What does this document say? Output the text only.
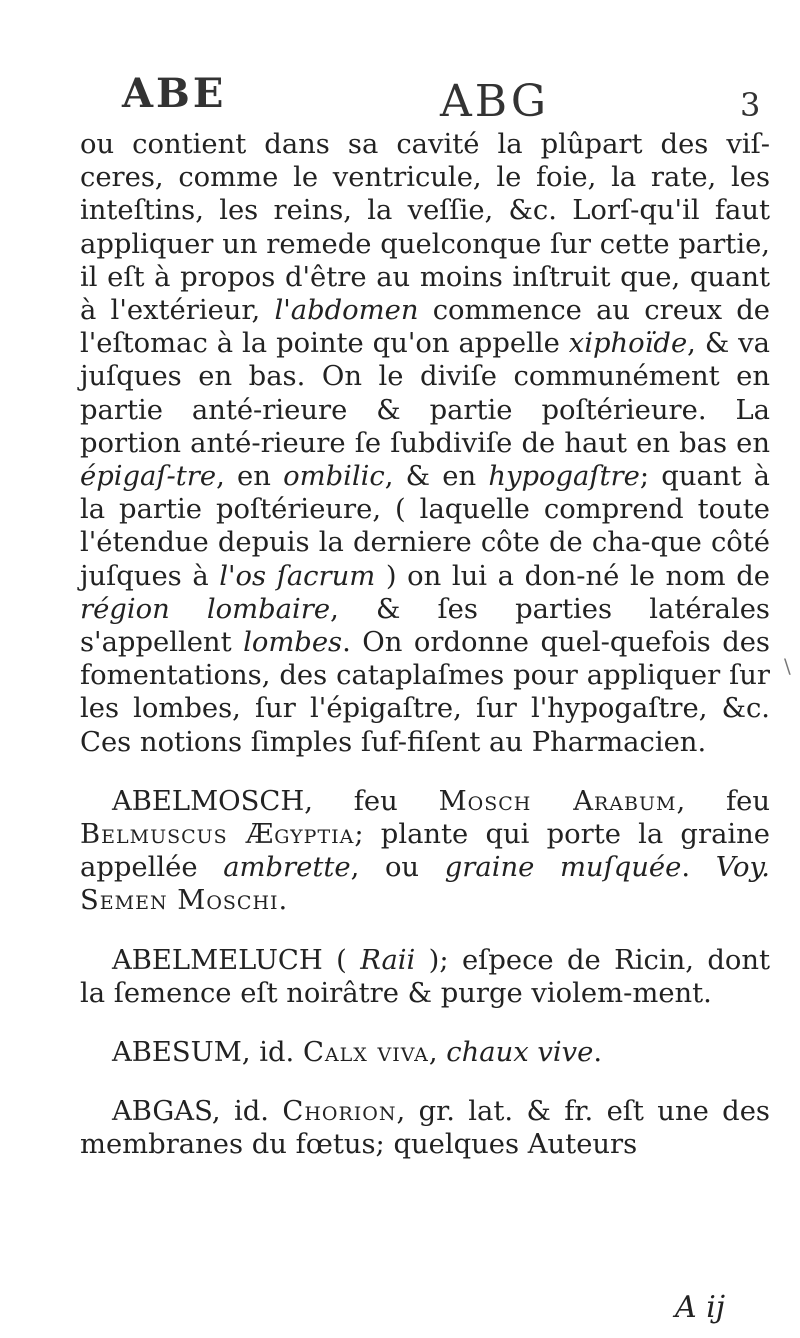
ABE	ABG	3

ou contient dans sa cavité la plûpart des viſ-ceres, comme le ventricule, le foie, la rate, les inteſtins, les reins, la veſſie, &c. Lorſ-qu'il faut appliquer un remede quelconque ſur cette partie, il eſt à propos d'être au moins inſtruit que, quant à l'extérieur, l'abdomen commence au creux de l'eſtomac à la pointe qu'on appelle xiphoïde, & va juſques en bas. On le diviſe communément en partie anté-rieure & partie poſtérieure. La portion anté-rieure ſe ſubdiviſe de haut en bas en épigaſ-tre, en ombilic, & en hypogaſtre; quant à la partie poſtérieure, ( laquelle comprend toute l'étendue depuis la derniere côte de cha-que côté juſques à l'os ſacrum ) on lui a don-né le nom de région lombaire, & ſes parties latérales s'appellent lombes. On ordonne quel-quefois des fomentations, des cataplaſmes pour appliquer ſur les lombes, ſur l'épigaſtre, ſur l'hypogaſtre, &c. Ces notions ſimples ſuf-fiſent au Pharmacien.

ABELMOSCH, feu Mosch Arabum, feu Belmuscus Ægyptia; plante qui porte la graine appellée ambrette, ou graine muſquée. Voy. Semen Moschi.

ABELMELUCH ( Raii ); eſpece de Ricin, dont la ſemence eſt noirâtre & purge violem-ment.

ABESUM, id. Calx viva, chaux vive.

ABGAS, id. Chorion, gr. lat. & fr. eſt une des membranes du fœtus; quelques Auteurs

\
A ij
